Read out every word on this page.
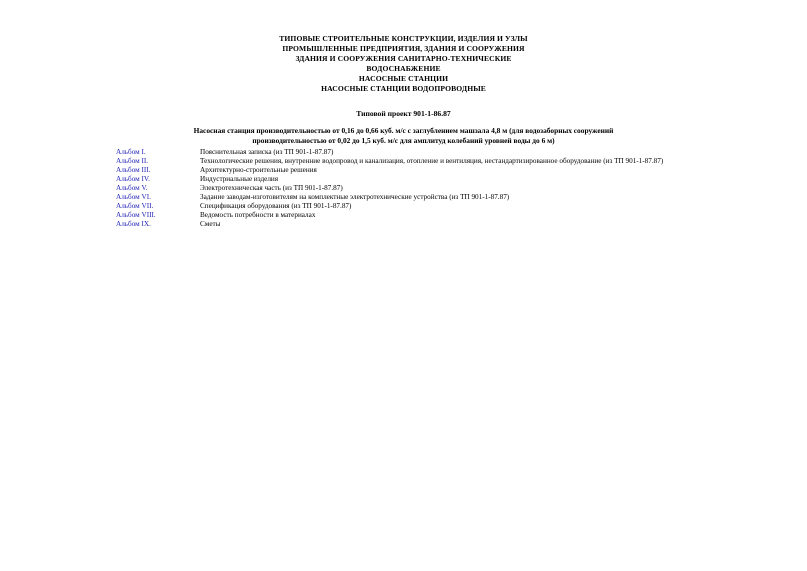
ТИПОВЫЕ СТРОИТЕЛЬНЫЕ КОНСТРУКЦИИ, ИЗДЕЛИЯ И УЗЛЫ
ПРОМЫШЛЕННЫЕ ПРЕДПРИЯТИЯ, ЗДАНИЯ И СООРУЖЕНИЯ
ЗДАНИЯ И СООРУЖЕНИЯ САНИТАРНО-ТЕХНИЧЕСКИЕ
ВОДОСНАБЖЕНИЕ
НАСОСНЫЕ СТАНЦИИ
НАСОСНЫЕ СТАНЦИИ ВОДОПРОВОДНЫЕ
Типовой проект 901-1-86.87
Насосная станция производительностью от 0,16 до 0,66 куб. м/с с заглублением машзала 4,8 м (для водозаборных сооружений
производительностью от 0,02 до 1,5 куб. м/с для амплитуд колебаний уровней воды до 6 м)
Альбом I.	Пояснительная записка (из ТП 901-1-87.87)
Альбом II.	Технологические решения, внутренние водопровод и канализация, отопление и вентиляция, нестандартизированное оборудование (из ТП 901-1-87.87)
Альбом III.	Архитектурно-строительные решения
Альбом IV.	Индустриальные изделия
Альбом V.	Электротехническая часть (из ТП 901-1-87.87)
Альбом VI.	Задание заводам-изготовителям на комплектные электротехнические устройства (из ТП 901-1-87.87)
Альбом VII.	Спецификация оборудования (из ТП 901-1-87.87)
Альбом VIII.	Ведомость потребности в материалах
Альбом IX.	Сметы
